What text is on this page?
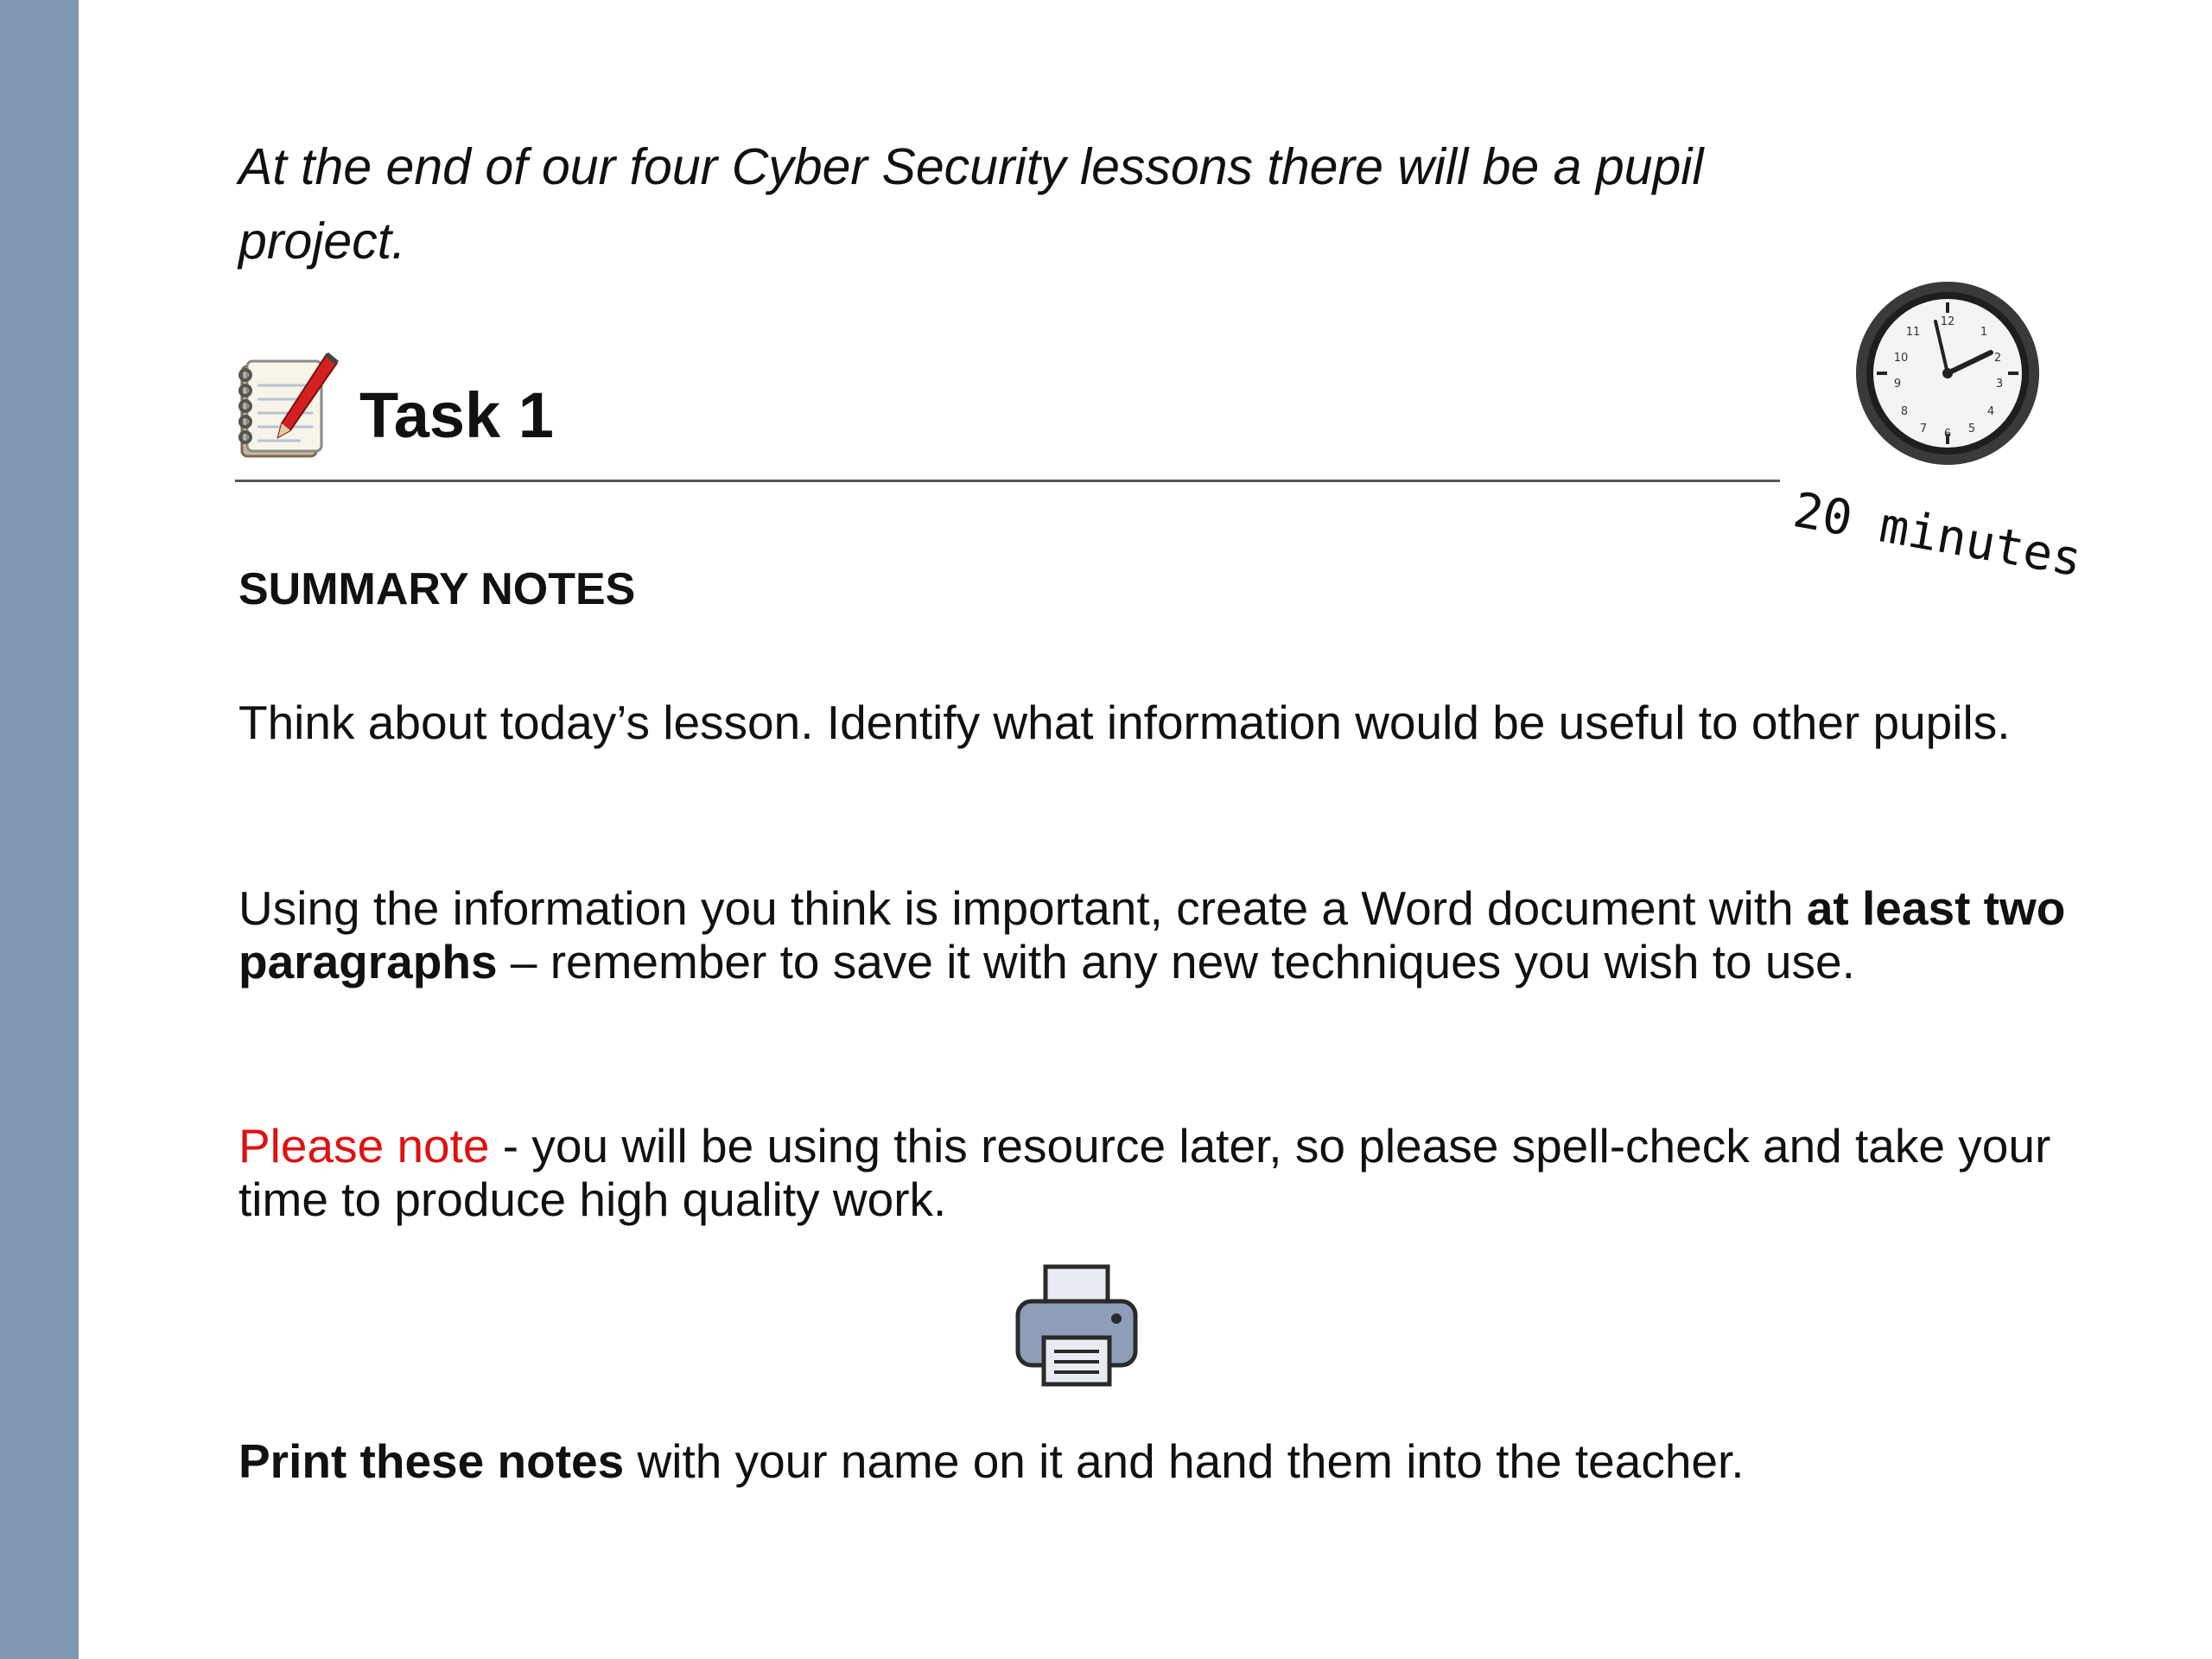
At the end of our four Cyber Security lessons there will be a pupil project.

Task 1
12
1
2
3
4
5
6
7
8
9
10
11
20 minutes
SUMMARY NOTES

Think about today’s lesson. Identify what information would be useful to other pupils.

Using the information you think is important, create a Word document with at least two paragraphs – remember to save it with any new techniques you wish to use.

Please note - you will be using this resource later, so please spell-check and take your time to produce high quality work.

Print these notes with your name on it and hand them into the teacher.
